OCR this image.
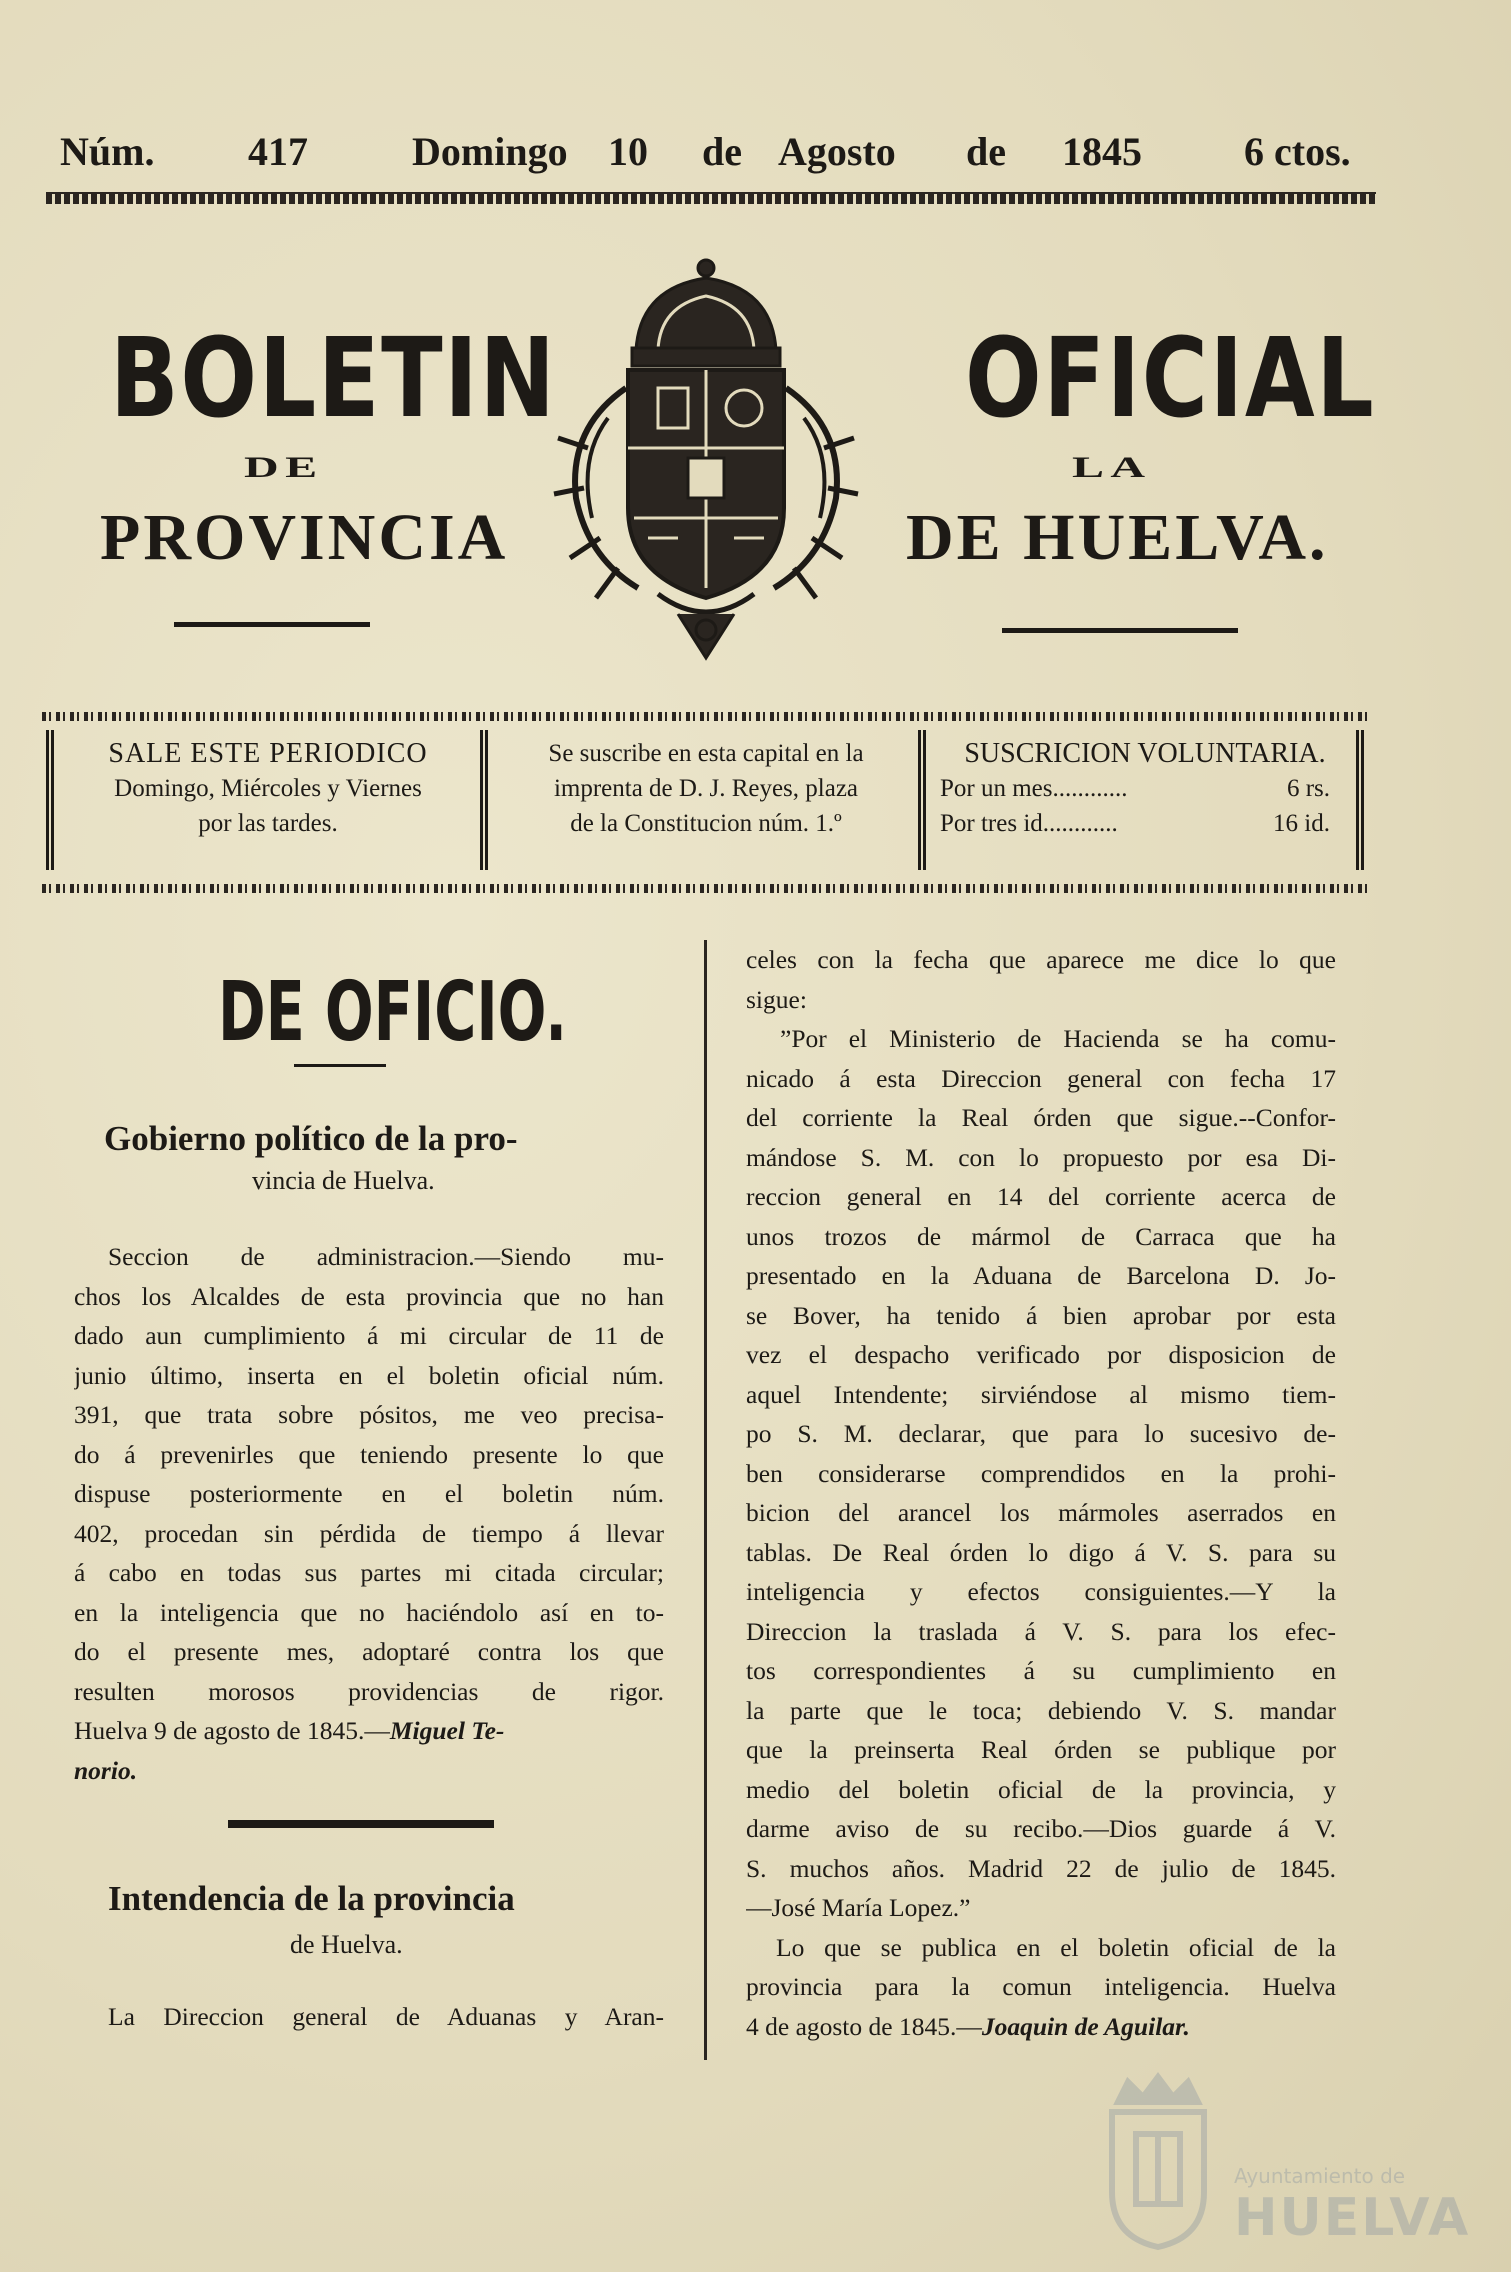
Núm. 417	Domingo 10 de Agosto de 1845	6 ctos.
BOLETIN	OFICIAL
DE	LA
PROVINCIA	DE HUELVA.
SALE ESTE PERIODICO
Domingo, Miércoles y Viernes
por las tardes.
Se suscribe en esta capital en la
imprenta de D. J. Reyes, plaza
de la Constitucion núm. 1.º
SUSCRICION VOLUNTARIA.
Por un mes............	6 rs.
Por tres id............	16 id.
DE OFICIO.
Gobierno político de la pro-
vincia de Huelva.
Seccion de administracion.—Siendo mu-
chos los Alcaldes de esta provincia que no han
dado aun cumplimiento á mi circular de 11 de
junio último, inserta en el boletin oficial núm.
391, que trata sobre pósitos, me veo precisa-
do á prevenirles que teniendo presente lo que
dispuse posteriormente en el boletin núm.
402, procedan sin pérdida de tiempo á llevar
á cabo en todas sus partes mi citada circular;
en la inteligencia que no haciéndolo así en to-
do el presente mes, adoptaré contra los que
resulten morosos providencias de rigor.
Huelva 9 de agosto de 1845.—Miguel Te-
norio.
Intendencia de la provincia
de Huelva.
La Direccion general de Aduanas y Aran-
celes con la fecha que aparece me dice lo que
sigue:
”Por el Ministerio de Hacienda se ha comu-
nicado á esta Direccion general con fecha 17
del corriente la Real órden que sigue.--Confor-
mándose S. M. con lo propuesto por esa Di-
reccion general en 14 del corriente acerca de
unos trozos de mármol de Carraca que ha
presentado en la Aduana de Barcelona D. Jo-
se Bover, ha tenido á bien aprobar por esta
vez el despacho verificado por disposicion de
aquel Intendente; sirviéndose al mismo tiem-
po S. M. declarar, que para lo sucesivo de-
ben considerarse comprendidos en la prohi-
bicion del arancel los mármoles aserrados en
tablas. De Real órden lo digo á V. S. para su
inteligencia y efectos consiguientes.—Y la
Direccion la traslada á V. S. para los efec-
tos correspondientes á su cumplimiento en
la parte que le toca; debiendo V. S. mandar
que la preinserta Real órden se publique por
medio del boletin oficial de la provincia, y
darme aviso de su recibo.—Dios guarde á V.
S. muchos años. Madrid 22 de julio de 1845.
—José María Lopez.”
Lo que se publica en el boletin oficial de la
provincia para la comun inteligencia. Huelva
4 de agosto de 1845.—Joaquin de Aguilar.
Ayuntamiento de
HUELVA
